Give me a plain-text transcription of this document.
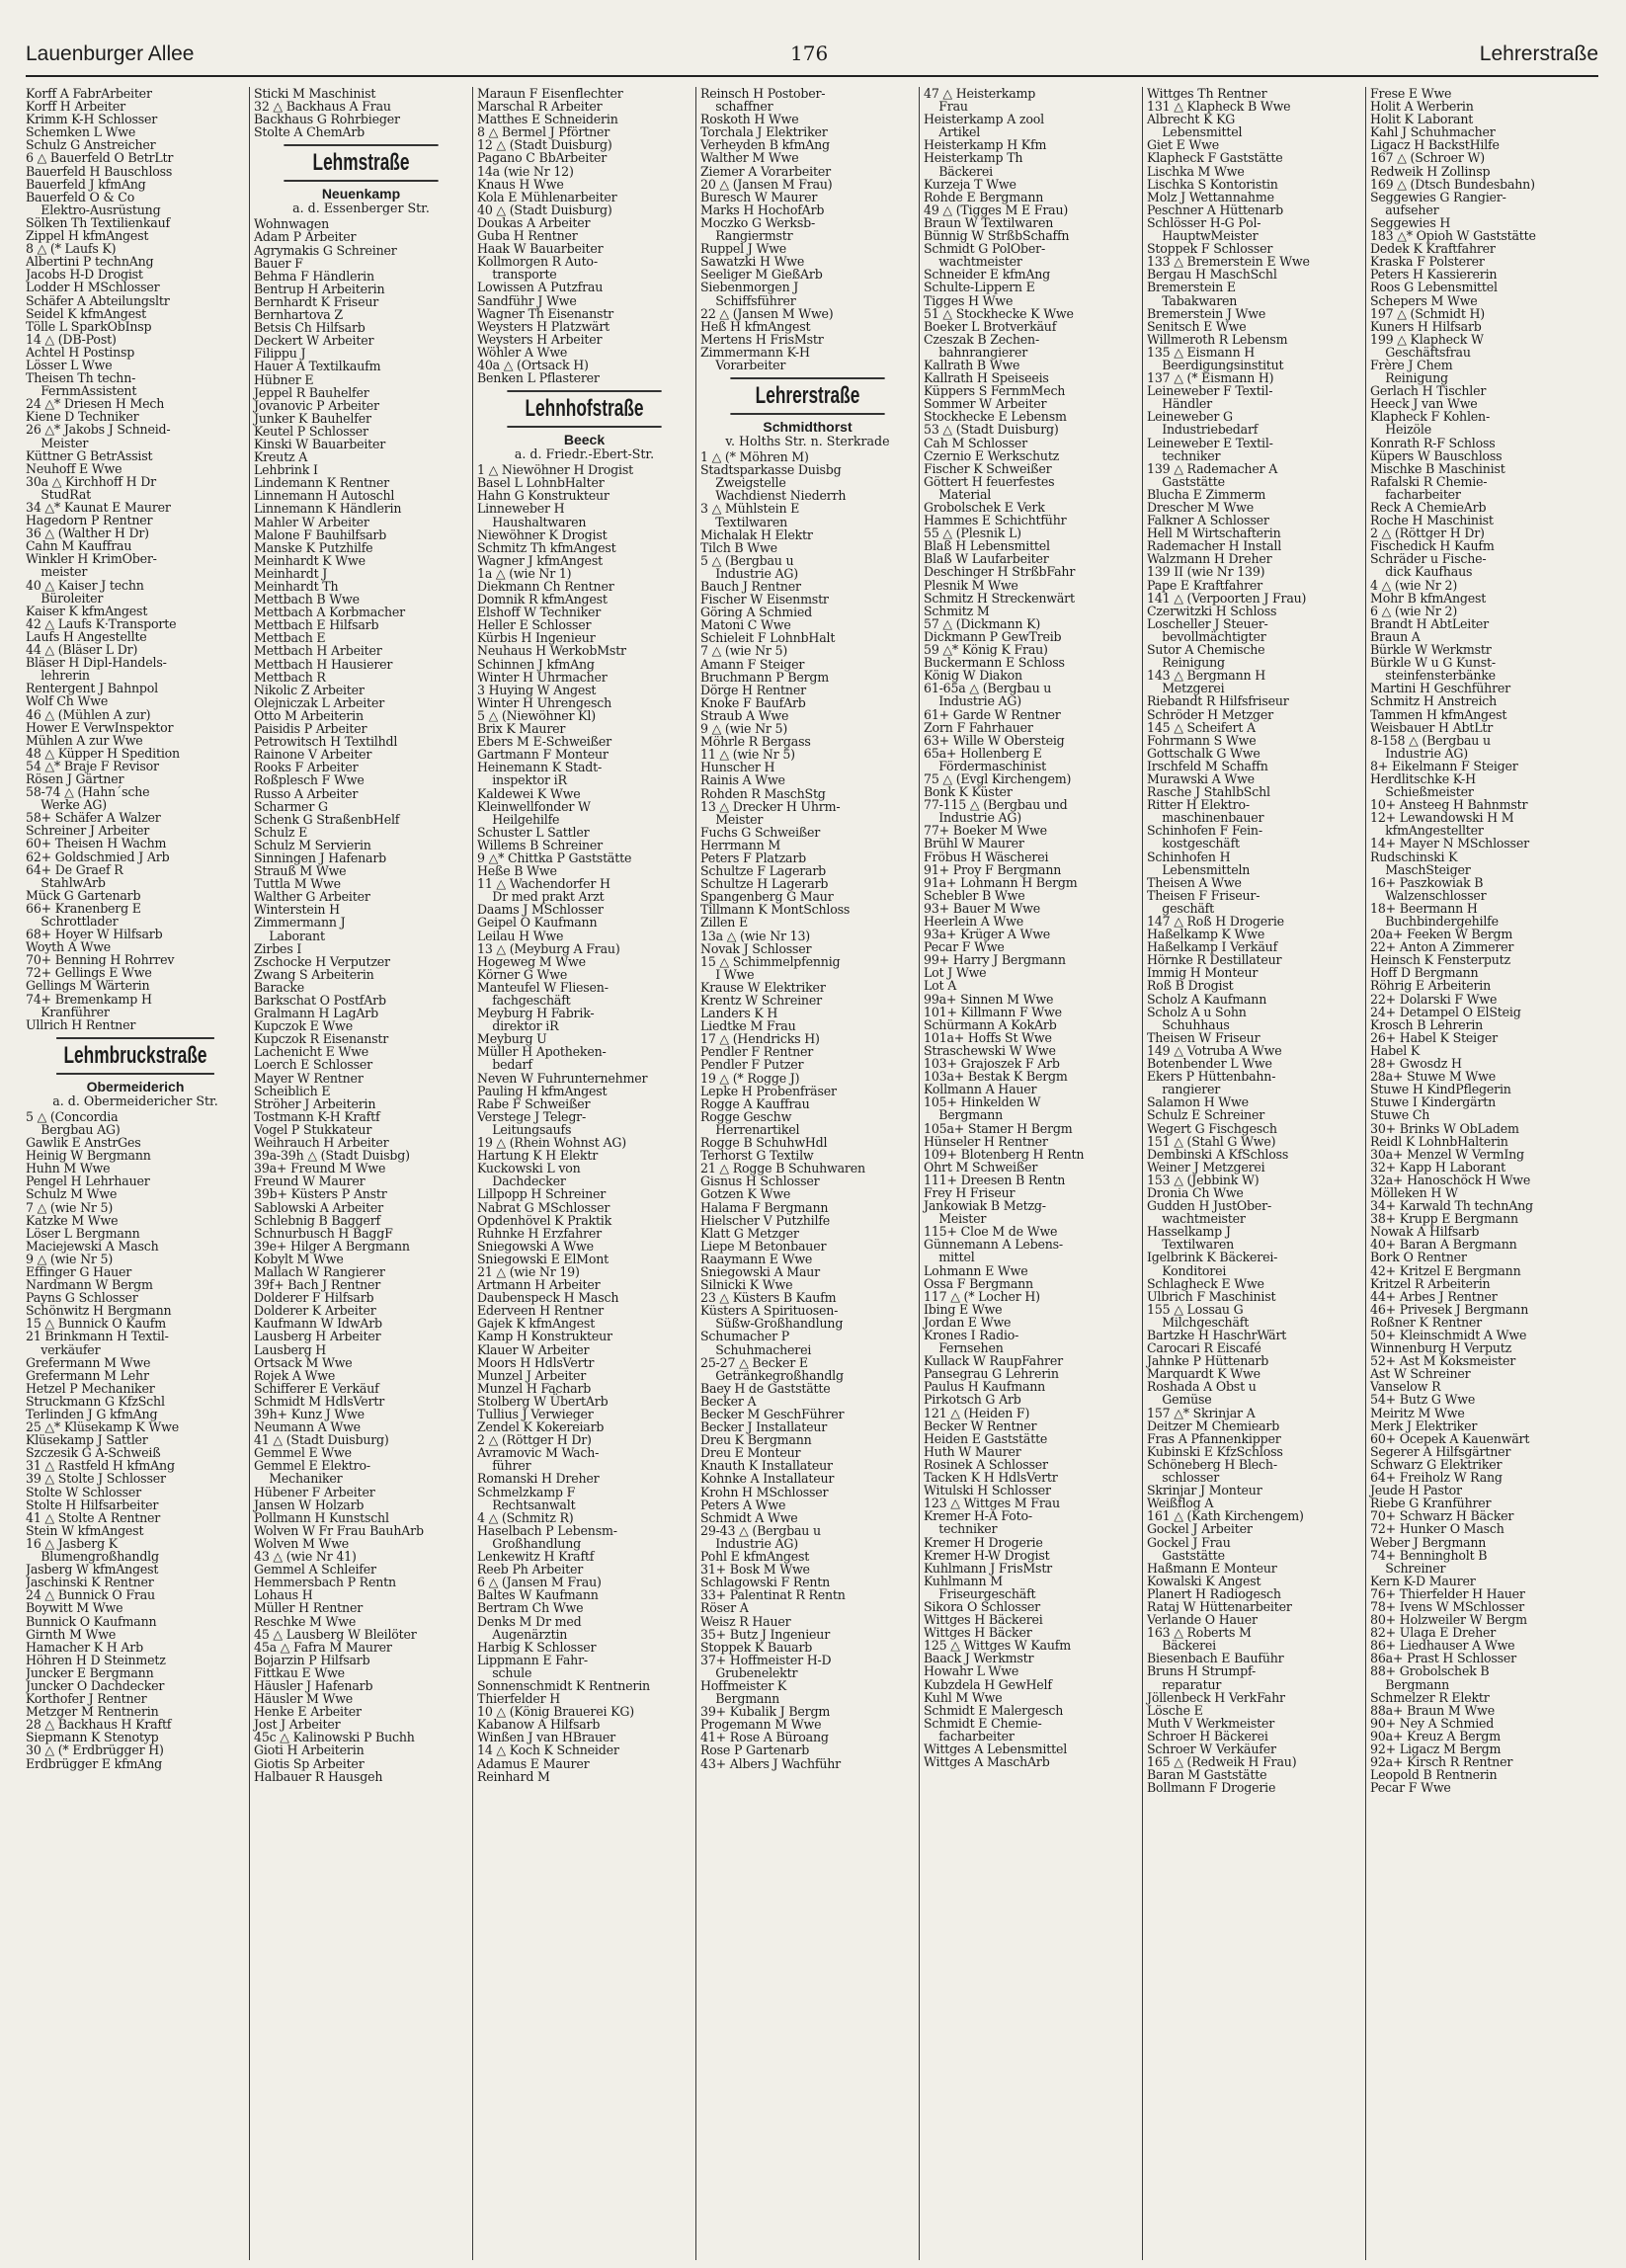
Lauenburger Allee	176	Lehrerstraße
Korff A FabrArbeiter
Korff H Arbeiter
Krimm K-H Schlosser
Schemken L Wwe
Schulz G Anstreicher
6 △ Bauerfeld O BetrLtr
Bauerfeld H Bauschloss
Bauerfeld J kfmAng
Bauerfeld O & Co
Elektro-Ausrüstung
Sölken Th Textilienkauf
Zippel H kfmAngest
8 △ (* Laufs K)
Albertini P technAng
Jacobs H-D Drogist
Lodder H MSchlosser
Schäfer A Abteilungsltr
Seidel K kfmAngest
Tölle L SparkObInsp
14 △ (DB-Post)
Achtel H Postinsp
Lösser L Wwe
Theisen Th techn-
FernmAssistent
24 △* Driesen H Mech
Kiene D Techniker
26 △* Jakobs J Schneid-
Meister
Küttner G BetrAssist
Neuhoff E Wwe
30a △ Kirchhoff H Dr
StudRat
34 △* Kaunat E Maurer
Hagedorn P Rentner
36 △ (Walther H Dr)
Cahn M Kauffrau
Winkler H KrimOber-
meister
40 △ Kaiser J techn
Büroleiter
Kaiser K kfmAngest
42 △ Laufs K·Transporte
Laufs H Angestellte
44 △ (Bläser L Dr)
Bläser H Dipl-Handels-
lehrerin
Rentergent J Bahnpol
Wolf Ch Wwe
46 △ (Mühlen A zur)
Hower E VerwInspektor
Mühlen A zur Wwe
48 △ Küpper H Spedition
54 △* Braje F Revisor
Rösen J Gärtner
58-74 △ (Hahn´sche
Werke AG)
58+ Schäfer A Walzer
Schreiner J Arbeiter
60+ Theisen H Wachm
62+ Goldschmied J Arb
64+ De Graef R
StahlwArb
Mück G Gartenarb
66+ Kranenberg E
Schrottlader
68+ Hoyer W Hilfsarb
Woyth A Wwe
70+ Benning H Rohrrev
72+ Gellings E Wwe
Gellings M Wärterin
74+ Bremenkamp H
Kranführer
Ullrich H Rentner
Lehmbruckstraße
Obermeiderich
a. d. Obermeidericher Str.
5 △ (Concordia
Bergbau AG)
Gawlik E AnstrGes
Heinig W Bergmann
Huhn M Wwe
Pengel H Lehrhauer
Schulz M Wwe
7 △ (wie Nr 5)
Katzke M Wwe
Löser L Bergmann
Maciejewski A Masch
9 △ (wie Nr 5)
Effinger G Hauer
Nardmann W Bergm
Payns G Schlosser
Schönwitz H Bergmann
15 △ Bunnick O Kaufm
21 Brinkmann H Textil-
verkäufer
Grefermann M Wwe
Grefermann M Lehr
Hetzel P Mechaniker
Struckmann G KfzSchl
Terlinden J G kfmAng
25 △* Klüsekamp K Wwe
Klüsekamp J Sattler
Szczesik G A-Schweiß
31 △ Rastfeld H kfmAng
39 △ Stolte J Schlosser
Stolte W Schlosser
Stolte H Hilfsarbeiter
41 △ Stolte A Rentner
Stein W kfmAngest
16 △ Jasberg K
Blumengroßhandlg
Jasberg W kfmAngest
Jaschinski K Rentner
24 △ Bunnick O Frau
Boywitt M Wwe
Bunnick O Kaufmann
Girnth M Wwe
Hamacher K H Arb
Höhren H D Steinmetz
Juncker E Bergmann
Juncker O Dachdecker
Korthofer J Rentner
Metzger M Rentnerin
28 △ Backhaus H Kraftf
Siepmann K Stenotyp
30 △ (* Erdbrügger H)
Erdbrügger E kfmAng
Sticki M Maschinist
32 △ Backhaus A Frau
Backhaus G Rohrbieger
Stolte A ChemArb
Lehmstraße
Neuenkamp
a. d. Essenberger Str.
Wohnwagen
Adam P Arbeiter
Agrymakis G Schreiner
Bauer F
Behma F Händlerin
Bentrup H Arbeiterin
Bernhardt K Friseur
Bernhartova Z
Betsis Ch Hilfsarb
Deckert W Arbeiter
Filippu J
Hauer A Textilkaufm
Hübner E
Jeppel R Bauhelfer
Jovanovic P Arbeiter
Junker K Bauhelfer
Keutel P Schlosser
Kinski W Bauarbeiter
Kreutz A
Lehbrink I
Lindemann K Rentner
Linnemann H Autoschl
Linnemann K Händlerin
Mahler W Arbeiter
Malone F Bauhilfsarb
Manske K Putzhilfe
Meinhardt K Wwe
Meinhardt J
Meinhardt Th
Mettbach B Wwe
Mettbach A Korbmacher
Mettbach E Hilfsarb
Mettbach E
Mettbach H Arbeiter
Mettbach H Hausierer
Mettbach R
Nikolic Z Arbeiter
Olejniczak L Arbeiter
Otto M Arbeiterin
Paisidis P Arbeiter
Petrowitsch H Textilhdl
Rainone V Arbeiter
Rooks F Arbeiter
Roßplesch F Wwe
Russo A Arbeiter
Scharmer G
Schenk G StraßenbHelf
Schulz E
Schulz M Servierin
Sinningen J Hafenarb
Strauß M Wwe
Tuttla M Wwe
Walther G Arbeiter
Winterstein H
Zimmermann J
Laborant
Zirbes I
Zschocke H Verputzer
Zwang S Arbeiterin
Baracke
Barkschat O PostfArb
Gralmann H LagArb
Kupczok E Wwe
Kupczok R Eisenanstr
Lachenicht E Wwe
Loerch E Schlosser
Mayer W Rentner
Scheiblich E
Ströher J Arbeiterin
Tostmann K-H Kraftf
Vogel P Stukkateur
Weihrauch H Arbeiter
39a-39h △ (Stadt Duisbg)
39a+ Freund M Wwe
Freund W Maurer
39b+ Küsters P Anstr
Sablowski A Arbeiter
Schlebnig B Baggerf
Schnurbusch H BaggF
39e+ Hilger A Bergmann
Kobylt M Wwe
Mallach W Rangierer
39f+ Bach J Rentner
Dolderer F Hilfsarb
Dolderer K Arbeiter
Kaufmann W IdwArb
Lausberg H Arbeiter
Lausberg H
Ortsack M Wwe
Rojek A Wwe
Schifferer E Verkäuf
Schmidt M HdlsVertr
39h+ Kunz J Wwe
Neumann A Wwe
41 △ (Stadt Duisburg)
Gemmel E Wwe
Gemmel E Elektro-
Mechaniker
Hübener F Arbeiter
Jansen W Holzarb
Pollmann H Kunstschl
Wolven W Fr Frau BauhArb
Wolven M Wwe
43 △ (wie Nr 41)
Gemmel A Schleifer
Hemmersbach P Rentn
Lohaus H
Müller H Rentner
Reschke M Wwe
45 △ Lausberg W Bleilöter
45a △ Fafra M Maurer
Bojarzin P Hilfsarb
Fittkau E Wwe
Häusler J Hafenarb
Häusler M Wwe
Henke E Arbeiter
Jost J Arbeiter
45c △ Kalinowski P Buchh
Gioti H Arbeiterin
Giotis Sp Arbeiter
Halbauer R Hausgeh
Maraun F Eisenflechter
Marschal R Arbeiter
Matthes E Schneiderin
8 △ Bermel J Pförtner
12 △ (Stadt Duisburg)
Pagano C BbArbeiter
14a (wie Nr 12)
Knaus H Wwe
Kola E Mühlenarbeiter
40 △ (Stadt Duisburg)
Doukas A Arbeiter
Guba H Rentner
Haak W Bauarbeiter
Kollmorgen R Auto-
transporte
Lowissen A Putzfrau
Sandführ J Wwe
Wagner Th Eisenanstr
Weysters H Platzwärt
Weysters H Arbeiter
Wöhler A Wwe
40a △ (Ortsack H)
Benken L Pflasterer
Lehnhofstraße
Beeck
a. d. Friedr.-Ebert-Str.
1 △ Niewöhner H Drogist
Basel L LohnbHalter
Hahn G Konstrukteur
Linneweber H
Haushaltwaren
Niewöhner K Drogist
Schmitz Th kfmAngest
Wagner J kfmAngest
1a △ (wie Nr 1)
Diekmann Ch Rentner
Domnik R kfmAngest
Elshoff W Techniker
Heller E Schlosser
Kürbis H Ingenieur
Neuhaus H WerkobMstr
Schinnen J kfmAng
Winter H Uhrmacher
3 Huying W Angest
Winter H Uhrengesch
5 △ (Niewöhner Kl)
Brix K Maurer
Ebers M E-Schweißer
Gartmann F Monteur
Heinemann K Stadt-
inspektor iR
Kaldewei K Wwe
Kleinwellfonder W
Heilgehilfe
Schuster L Sattler
Willems B Schreiner
9 △* Chittka P Gaststätte
Heße B Wwe
11 △ Wachendorfer H
Dr med prakt Arzt
Daams J MSchlosser
Geipel O Kaufmann
Leilau H Wwe
13 △ (Meyburg A Frau)
Hogeweg M Wwe
Körner G Wwe
Manteufel W Fliesen-
fachgeschäft
Meyburg H Fabrik-
direktor iR
Meyburg U
Müller H Apotheken-
bedarf
Neven W Fuhrunternehmer
Pauling H kfmAngest
Rabe F Schweißer
Verstege J Telegr-
Leitungsaufs
19 △ (Rhein Wohnst AG)
Hartung K H Elektr
Kuckowski L von
Dachdecker
Lillpopp H Schreiner
Nabrat G MSchlosser
Opdenhövel K Praktik
Ruhnke H Erzfahrer
Sniegowski A Wwe
Sniegowski E ElMont
21 △ (wie Nr 19)
Artmann H Arbeiter
Daubenspeck H Masch
Ederveen H Rentner
Gajek K kfmAngest
Kamp H Konstrukteur
Klauer W Arbeiter
Moors H HdlsVertr
Munzel J Arbeiter
Munzel H Facharb
Stolberg W ÜbertArb
Tullius J Verwieger
Zendel K Kokereiarb
2 △ (Röttger H Dr)
Avramovic M Wach-
führer
Romanski H Dreher
Schmelzkamp F
Rechtsanwalt
4 △ (Schmitz R)
Haselbach P Lebensm-
Großhandlung
Lenkewitz H Kraftf
Reeb Ph Arbeiter
6 △ (Jansen M Frau)
Baltes W Kaufmann
Bertram Ch Wwe
Denks M Dr med
Augenärztin
Harbig K Schlosser
Lippmann E Fahr-
schule
Sonnenschmidt K Rentnerin
Thierfelder H
10 △ (König Brauerei KG)
Kabanow A Hilfsarb
Winßen J van HBrauer
14 △ Koch K Schneider
Adamus E Maurer
Reinhard M
Reinsch H Postober-
schaffner
Roskoth H Wwe
Torchala J Elektriker
Verheyden B kfmAng
Walther M Wwe
Ziemer A Vorarbeiter
20 △ (Jansen M Frau)
Buresch W Maurer
Marks H HochofArb
Moczko G Werksb-
Rangiermstr
Ruppel J Wwe
Sawatzki H Wwe
Seeliger M GießArb
Siebenmorgen J
Schiffsführer
22 △ (Jansen M Wwe)
Heß H kfmAngest
Mertens H FrisMstr
Zimmermann K-H
Vorarbeiter
Lehrerstraße
Schmidthorst
v. Holths Str. n. Sterkrade
1 △ (* Möhren M)
Stadtsparkasse Duisbg
Zweigstelle
Wachdienst Niederrh
3 △ Mühlstein E
Textilwaren
Michalak H Elektr
Tilch B Wwe
5 △ (Bergbau u
Industrie AG)
Bauch J Rentner
Fischer W Eisenmstr
Göring A Schmied
Matoni C Wwe
Schieleit F LohnbHalt
7 △ (wie Nr 5)
Amann F Steiger
Bruchmann P Bergm
Dörge H Rentner
Knoke F BaufArb
Straub A Wwe
9 △ (wie Nr 5)
Möhrle R Bergass
11 △ (wie Nr 5)
Hunscher H
Rainis A Wwe
Rohden R MaschStg
13 △ Drecker H Uhrm-
Meister
Fuchs G Schweißer
Herrmann M
Peters F Platzarb
Schultze F Lagerarb
Schultze H Lagerarb
Spangenberg G Maur
Tillmann K MontSchloss
Zillen E
13a △ (wie Nr 13)
Novak J Schlosser
15 △ Schimmelpfennig
I Wwe
Krause W Elektriker
Krentz W Schreiner
Landers K H
Liedtke M Frau
17 △ (Hendricks H)
Pendler F Rentner
Pendler F Putzer
19 △ (* Rogge J)
Lepke H Probenfräser
Rogge A Kauffrau
Rogge Geschw
Herrenartikel
Rogge B SchuhwHdl
Terhorst G Textilw
21 △ Rogge B Schuhwaren
Gisnus H Schlosser
Gotzen K Wwe
Halama F Bergmann
Hielscher V Putzhilfe
Klatt G Metzger
Liepe M Betonbauer
Raaymann E Wwe
Sniegowski A Maur
Silnicki K Wwe
23 △ Küsters B Kaufm
Küsters A Spirituosen-
Süßw-Großhandlung
Schumacher P
Schuhmacherei
25-27 △ Becker E
Getränkegroßhandlg
Baey H de Gaststätte
Becker A
Becker M GeschFührer
Becker J Installateur
Dreu K Bergmann
Dreu E Monteur
Knauth K Installateur
Kohnke A Installateur
Krohn H MSchlosser
Peters A Wwe
Schmidt A Wwe
29-43 △ (Bergbau u
Industrie AG)
Pohl E kfmAngest
31+ Bosk M Wwe
Schlagowski F Rentn
33+ Palentinat R Rentn
Röser A
Weisz R Hauer
35+ Butz J Ingenieur
Stoppek K Bauarb
37+ Hoffmeister H-D
Grubenelektr
Hoffmeister K
Bergmann
39+ Kubalik J Bergm
Progemann M Wwe
41+ Rose A Büroang
Rose P Gartenarb
43+ Albers J Wachführ
47 △ Heisterkamp
Frau
Heisterkamp A zool
Artikel
Heisterkamp H Kfm
Heisterkamp Th
Bäckerei
Kurzeja T Wwe
Rohde E Bergmann
49 △ (Tigges M E Frau)
Braun W Textilwaren
Bünnig W StrßbSchaffn
Schmidt G PolOber-
wachtmeister
Schneider E kfmAng
Schulte-Lippern E
Tigges H Wwe
51 △ Stockhecke K Wwe
Boeker L Brotverkäuf
Czeszak B Zechen-
bahnrangierer
Kallrath B Wwe
Kallrath H Speiseeis
Küppers S FernmMech
Sommer W Arbeiter
Stockhecke E Lebensm
53 △ (Stadt Duisburg)
Cah M Schlosser
Czernio E Werkschutz
Fischer K Schweißer
Göttert H feuerfestes
Material
Grobolschek E Verk
Hammes E Schichtführ
55 △ (Plesnik L)
Blaß H Lebensmittel
Blaß W Laufarbeiter
Deschinger H StrßbFahr
Plesnik M Wwe
Schmitz H Streckenwärt
Schmitz M
57 △ (Dickmann K)
Dickmann P GewTreib
59 △* König K Frau)
Buckermann E Schloss
König W Diakon
61-65a △ (Bergbau u
Industrie AG)
61+ Garde W Rentner
Zorn F Fahrhauer
63+ Wille W Obersteig
65a+ Hollenberg E
Fördermaschinist
75 △ (Evgl Kirchengem)
Bonk K Küster
77-115 △ (Bergbau und
Industrie AG)
77+ Boeker M Wwe
Brühl W Maurer
Fröbus H Wäscherei
91+ Proy F Bergmann
91a+ Lohmann H Bergm
Schebler B Wwe
93+ Bauer M Wwe
Heerlein A Wwe
93a+ Krüger A Wwe
Pecar F Wwe
99+ Harry J Bergmann
Lot J Wwe
Lot A
99a+ Sinnen M Wwe
101+ Killmann F Wwe
Schürmann A KokArb
101a+ Hoffs St Wwe
Straschewski W Wwe
103+ Grajoszek F Arb
103a+ Bestak K Bergm
Kollmann A Hauer
105+ Hinkelden W
Bergmann
105a+ Stamer H Bergm
Hünseler H Rentner
109+ Blotenberg H Rentn
Ohrt M Schweißer
111+ Dreesen B Rentn
Frey H Friseur
Jankowiak B Metzg-
Meister
115+ Cloe M de Wwe
Günnemann A Lebens-
mittel
Lohmann E Wwe
Ossa F Bergmann
117 △ (* Locher H)
Ibing E Wwe
Jordan E Wwe
Krones I Radio-
Fernsehen
Kullack W RaupFahrer
Pansegrau G Lehrerin
Paulus H Kaufmann
Pirkotsch G Arb
121 △ (Heiden F)
Becker W Rentner
Heiden E Gaststätte
Huth W Maurer
Rosinek A Schlosser
Tacken K H HdlsVertr
Witulski H Schlosser
123 △ Wittges M Frau
Kremer H-A Foto-
techniker
Kremer H Drogerie
Kremer H-W Drogist
Kuhlmann J FrisMstr
Kuhlmann M
Friseurgeschäft
Sikora O Schlosser
Wittges H Bäckerei
Wittges H Bäcker
125 △ Wittges W Kaufm
Baack J Werkmstr
Howahr L Wwe
Kubzdela H GewHelf
Kuhl M Wwe
Schmidt E Malergesch
Schmidt E Chemie-
facharbeiter
Wittges A Lebensmittel
Wittges A MaschArb
Wittges Th Rentner
131 △ Klapheck B Wwe
Albrecht K KG
Lebensmittel
Giet E Wwe
Klapheck F Gaststätte
Lischka M Wwe
Lischka S Kontoristin
Molz J Wettannahme
Peschner A Hüttenarb
Schlösser H-G Pol-
HauptwMeister
Stoppek F Schlosser
133 △ Bremerstein E Wwe
Bergau H MaschSchl
Bremerstein E
Tabakwaren
Bremerstein J Wwe
Senitsch E Wwe
Willmeroth R Lebensm
135 △ Eismann H
Beerdigungsinstitut
137 △ (* Eismann H)
Leineweber F Textil-
Händler
Leineweber G
Industriebedarf
Leineweber E Textil-
techniker
139 △ Rademacher A
Gaststätte
Blucha E Zimmerm
Drescher M Wwe
Falkner A Schlosser
Hell M Wirtschafterin
Rademacher H Install
Walzmann H Dreher
139 II (wie Nr 139)
Pape E Kraftfahrer
141 △ (Verpoorten J Frau)
Czerwitzki H Schloss
Loscheller J Steuer-
bevollmächtigter
Sutor A Chemische
Reinigung
143 △ Bergmann H
Metzgerei
Riebandt R Hilfsfriseur
Schröder H Metzger
145 △ Scheifert A
Fohrmann S Wwe
Gottschalk G Wwe
Irschfeld M Schaffn
Murawski A Wwe
Rasche J StahlbSchl
Ritter H Elektro-
maschinenbauer
Schinhofen F Fein-
kostgeschäft
Schinhofen H
Lebensmitteln
Theisen A Wwe
Theisen F Friseur-
geschäft
147 △ Roß H Drogerie
Haßelkamp K Wwe
Haßelkamp I Verkäuf
Hörnke R Destillateur
Immig H Monteur
Roß B Drogist
Scholz A Kaufmann
Scholz A u Sohn
Schuhhaus
Theisen W Friseur
149 △ Votruba A Wwe
Botenbender L Wwe
Ekers P Hüttenbahn-
rangierer
Salamon H Wwe
Schulz E Schreiner
Wegert G Fischgesch
151 △ (Stahl G Wwe)
Dembinski A KfSchloss
Weiner J Metzgerei
153 △ (Jebbink W)
Dronia Ch Wwe
Gudden H JustOber-
wachtmeister
Hasselkamp J
Textilwaren
Igelbrink K Bäckerei-
Konditorei
Schlagheck E Wwe
Ulbrich F Maschinist
155 △ Lossau G
Milchgeschäft
Bartzke H HaschrWärt
Carocari R Eiscafé
Jahnke P Hüttenarb
Marquardt K Wwe
Roshada A Obst u
Gemüse
157 △* Skrinjar A
Deitzer M Chemiearb
Fras A Pfannenkipper
Kubinski E KfzSchloss
Schöneberg H Blech-
schlosser
Skrinjar J Monteur
Weißflog A
161 △ (Kath Kirchengem)
Gockel J Arbeiter
Gockel J Frau
Gaststätte
Haßmann E Monteur
Kowalski K Angest
Planert H Radiogesch
Rataj W Hüttenarbeiter
Verlande O Hauer
163 △ Roberts M
Bäckerei
Biesenbach E Bauführ
Bruns H Strumpf-
reparatur
Jöllenbeck H VerkFahr
Lösche E
Muth V Werkmeister
Schroer H Bäckerei
Schroer W Verkäufer
165 △ (Redweik H Frau)
Baran M Gaststätte
Bollmann F Drogerie
Frese E Wwe
Holit A Werberin
Holit K Laborant
Kahl J Schuhmacher
Ligacz H BackstHilfe
167 △ (Schroer W)
Redweik H Zollinsp
169 △ (Dtsch Bundesbahn)
Seggewies G Rangier-
aufseher
Seggewies H
183 △* Opioh W Gaststätte
Dedek K Kraftfahrer
Kraska F Polsterer
Peters H Kassiererin
Roos G Lebensmittel
Schepers M Wwe
197 △ (Schmidt H)
Kuners H Hilfsarb
199 △ Klapheck W
Geschäftsfrau
Frère J Chem
Reinigung
Gerlach H Tischler
Heeck J van Wwe
Klapheck F Kohlen-
Heizöle
Konrath R-F Schloss
Küpers W Bauschloss
Mischke B Maschinist
Rafalski R Chemie-
facharbeiter
Reck A ChemieArb
Roche H Maschinist
2 △ (Röttger H Dr)
Fischedick H Kaufm
Schräder u Fische-
dick Kaufhaus
4 △ (wie Nr 2)
Mohr B kfmAngest
6 △ (wie Nr 2)
Brandt H AbtLeiter
Braun A
Bürkle W Werkmstr
Bürkle W u G Kunst-
steinfensterbänke
Martini H Geschführer
Schmitz H Anstreich
Tammen H kfmAngest
Weisbauer H AbtLtr
8-158 △ (Bergbau u
Industrie AG)
8+ Eikelmann F Steiger
Herdlitschke K-H
Schießmeister
10+ Ansteeg H Bahnmstr
12+ Lewandowski H M
kfmAngestellter
14+ Mayer N MSchlosser
Rudschinski K
MaschSteiger
16+ Paszkowiak B
Walzenschlosser
18+ Beermann H
Buchbindergehilfe
20a+ Feeken W Bergm
22+ Anton A Zimmerer
Heinsch K Fensterputz
Hoff D Bergmann
Röhrig E Arbeiterin
22+ Dolarski F Wwe
24+ Detampel O ElSteig
Krosch B Lehrerin
26+ Habel K Steiger
Habel K
28+ Gwosdz H
28a+ Stuwe M Wwe
Stuwe H KindPflegerin
Stuwe I Kindergärtn
Stuwe Ch
30+ Brinks W ObLadem
Reidl K LohnbHalterin
30a+ Menzel W VermIng
32+ Kapp H Laborant
32a+ Hanoschöck H Wwe
Mölleken H W
34+ Karwald Th technAng
38+ Krupp E Bergmann
Nowak A Hilfsarb
40+ Baran A Bergmann
Bork O Rentner
42+ Kritzel E Bergmann
Kritzel R Arbeiterin
44+ Arbes J Rentner
46+ Privesek J Bergmann
Roßner K Rentner
50+ Kleinschmidt A Wwe
Winnenburg H Verputz
52+ Ast M Koksmeister
Ast W Schreiner
Vanselow R
54+ Butz G Wwe
Meiritz M Wwe
Merk J Elektriker
60+ Ocepek A Kauenwärt
Segerer A Hilfsgärtner
Schwarz G Elektriker
64+ Freiholz W Rang
Jeude H Pastor
Riebe G Kranführer
70+ Schwarz H Bäcker
72+ Hunker O Masch
Weber J Bergmann
74+ Benningholt B
Schreiner
Kern K-D Maurer
76+ Thierfelder H Hauer
78+ Ivens W MSchlosser
80+ Holzweiler W Bergm
82+ Ulaga E Dreher
86+ Liedhauser A Wwe
86a+ Prast H Schlosser
88+ Grobolschek B
Bergmann
Schmelzer R Elektr
88a+ Braun M Wwe
90+ Ney A Schmied
90a+ Kreuz A Bergm
92+ Ligacz M Bergm
92a+ Kirsch R Rentner
Leopold B Rentnerin
Pecar F Wwe
